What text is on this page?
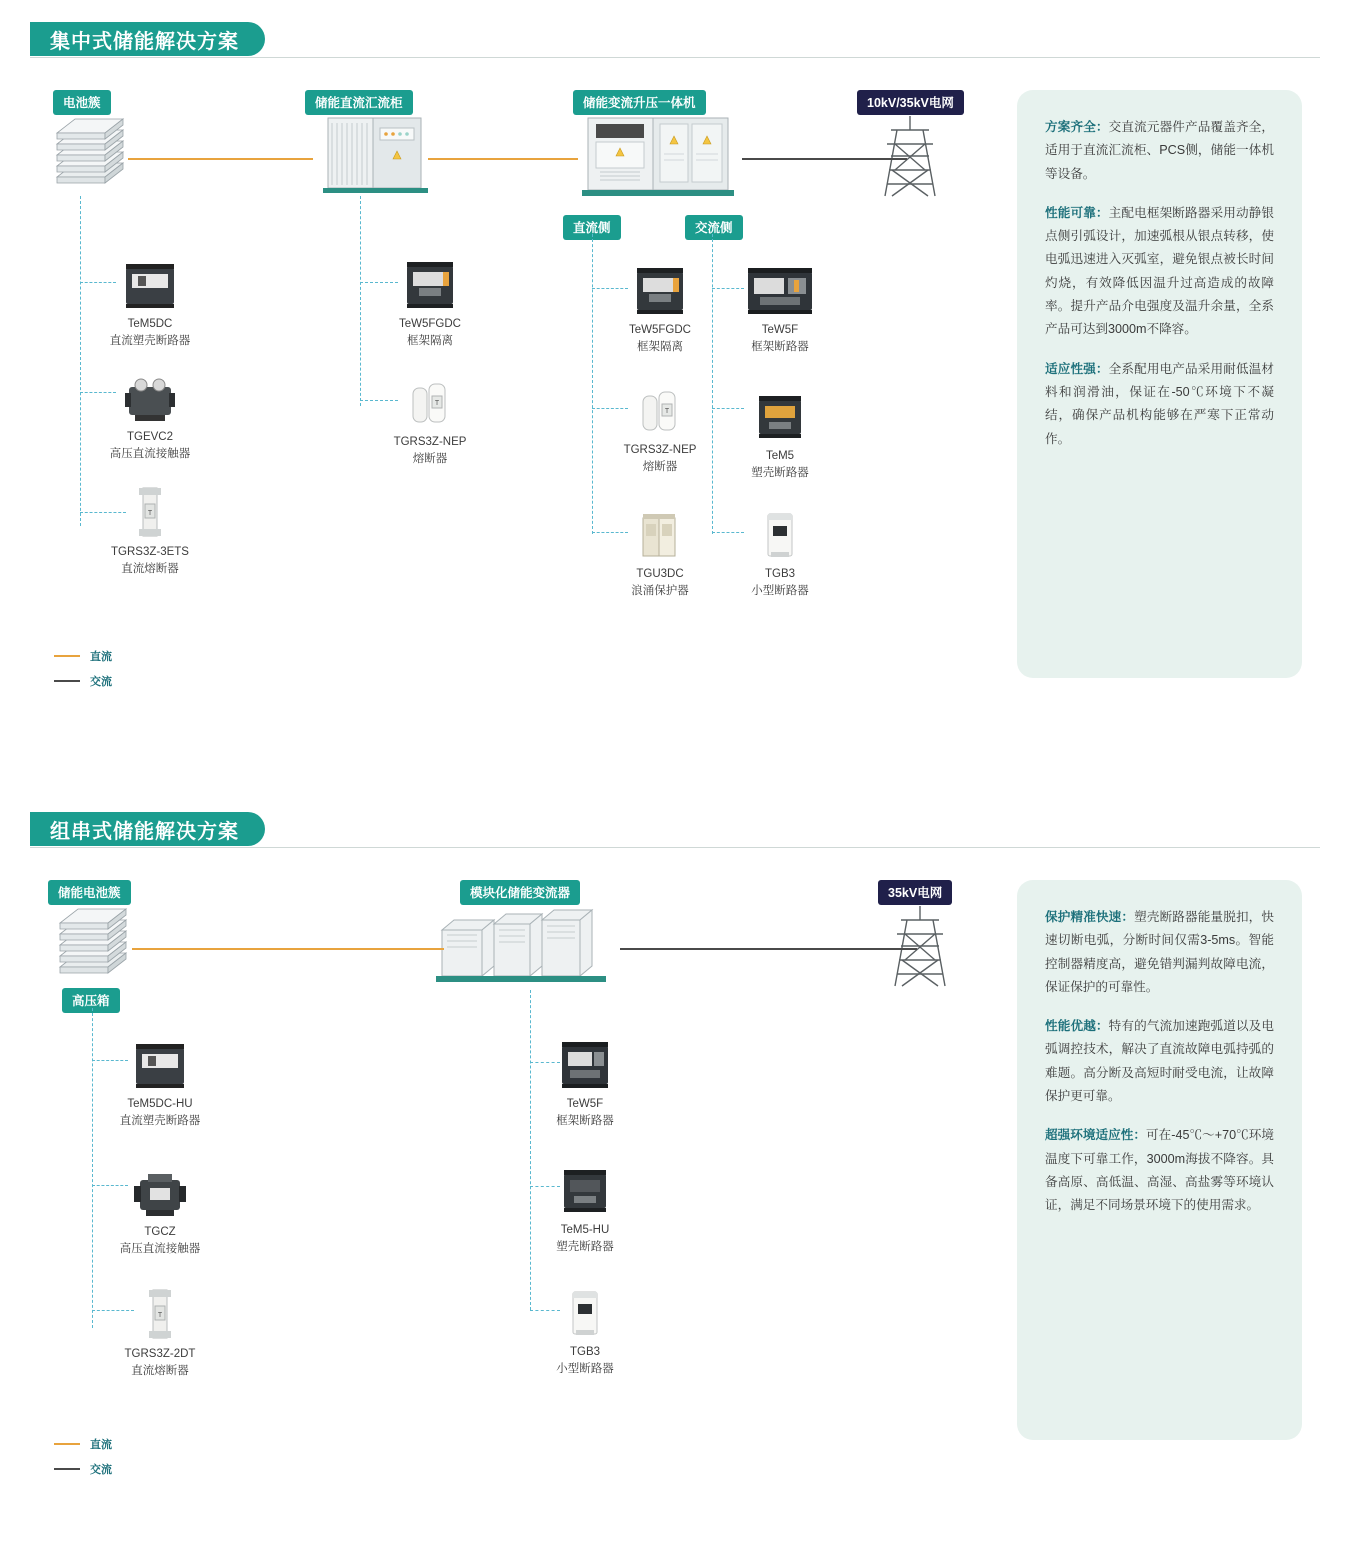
集中式储能解决方案
电池簇	储能直流汇流柜	储能变流升压一体机	10kV/35kV电网
直流侧	交流侧
TeM5DC
直流塑壳断路器
TGEVC2
高压直流接触器
T
TGRS3Z-3ETS
直流熔断器
TeW5FGDC
框架隔离
T
TGRS3Z-NEP
熔断器
TeW5FGDC
框架隔离
T
TGRS3Z-NEP
熔断器
TGU3DC
浪涌保护器
TeW5F
框架断路器
TeM5
塑壳断路器
TGB3
小型断路器
直流
交流

方案齐全：交直流元器件产品覆盖齐全，适用于直流汇流柜、PCS侧，储能一体机等设备。

性能可靠：主配电框架断路器采用动静银点侧引弧设计，加速弧根从银点转移，使电弧迅速进入灭弧室，避免银点被长时间灼烧，有效降低因温升过高造成的故障率。提升产品介电强度及温升余量，全系产品可达到3000m不降容。

适应性强：全系配用电产品采用耐低温材料和润滑油，保证在-50℃环境下不凝结，确保产品机构能够在严寒下正常动作。

组串式储能解决方案
储能电池簇	模块化储能变流器	35kV电网
高压箱
TeM5DC-HU
直流塑壳断路器
TGCZ
高压直流接触器
T
TGRS3Z-2DT
直流熔断器
TeW5F
框架断路器
TeM5-HU
塑壳断路器
TGB3
小型断路器
直流
交流

保护精准快速：塑壳断路器能量脱扣，快速切断电弧，分断时间仅需3-5ms。智能控制器精度高，避免错判漏判故障电流，保证保护的可靠性。

性能优越：特有的气流加速跑弧道以及电弧调控技术，解决了直流故障电弧持弧的难题。高分断及高短时耐受电流，让故障保护更可靠。

超强环境适应性：可在-45℃～+70℃环境温度下可靠工作，3000m海拔不降容。具备高原、高低温、高湿、高盐雾等环境认证，满足不同场景环境下的使用需求。
